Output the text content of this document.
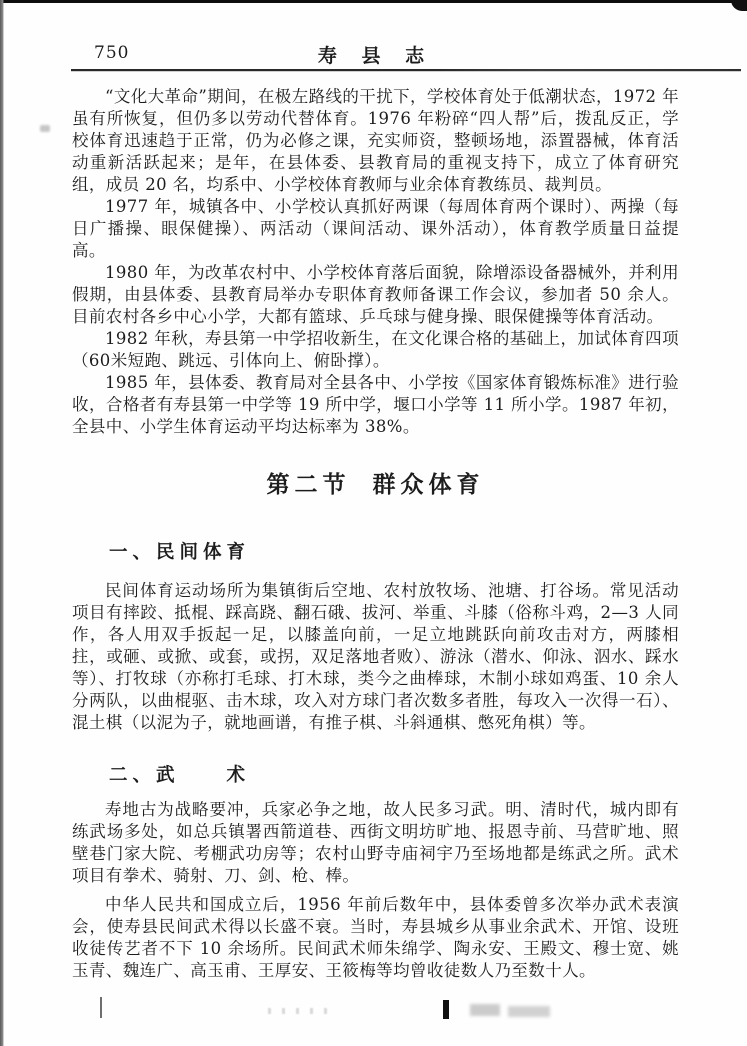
750	寿 县 志

“文化大革命”期间，在极左路线的干扰下，学校体育处于低潮状态，1972 年虽有所恢复，但仍多以劳动代替体育。1976 年粉碎“四人帮”后，拨乱反正，学校体育迅速趋于正常，仍为必修之课，充实师资，整顿场地，添置器械，体育活动重新活跃起来；是年，在县体委、县教育局的重视支持下，成立了体育研究组，成员 20 名，均系中、小学校体育教师与业余体育教练员、裁判员。

1977 年，城镇各中、小学校认真抓好两课（每周体育两个课时）、两操（每日广播操、眼保健操）、两活动（课间活动、课外活动），体育教学质量日益提高。

1980 年，为改革农村中、小学校体育落后面貌，除增添设备器械外，并利用假期，由县体委、县教育局举办专职体育教师备课工作会议，参加者 50 余人。目前农村各乡中心小学，大都有篮球、乒乓球与健身操、眼保健操等体育活动。

1982 年秋，寿县第一中学招收新生，在文化课合格的基础上，加试体育四项（60米短跑、跳远、引体向上、俯卧撑）。

1985 年，县体委、教育局对全县各中、小学按《国家体育锻炼标准》进行验收，合格者有寿县第一中学等 19 所中学，堰口小学等 11 所小学。1987 年初，全县中、小学生体育运动平均达标率为 38%。

第二节 群众体育
一、民间体育

民间体育运动场所为集镇街后空地、农村放牧场、池塘、打谷场。常见活动项目有摔跤、抵棍、踩高跷、翻石硪、拔河、举重、斗膝（俗称斗鸡，2—3 人同作，各人用双手扳起一足，以膝盖向前，一足立地跳跃向前攻击对方，两膝相拄，或砸、或掀、或套，或拐，双足落地者败）、游泳（潜水、仰泳、泅水、踩水等）、打牧球（亦称打毛球、打木球，类今之曲棒球，木制小球如鸡蛋、10 余人分两队，以曲棍驱、击木球，攻入对方球门者次数多者胜，每攻入一次得一石）、混土棋（以泥为子，就地画谱，有推子棋、斗斜通棋、憋死角棋）等。

二、武　　术

寿地古为战略要冲，兵家必争之地，故人民多习武。明、清时代，城内即有练武场多处，如总兵镇署西箭道巷、西街文明坊旷地、报恩寺前、马营旷地、照壁巷门家大院、考棚武功房等；农村山野寺庙祠宇乃至场地都是练武之所。武术项目有拳术、骑射、刀、剑、枪、棒。

中华人民共和国成立后，1956 年前后数年中，县体委曾多次举办武术表演会，使寿县民间武术得以长盛不衰。当时，寿县城乡从事业余武术、开馆、设班收徒传艺者不下 10 余场所。民间武术师朱绵学、陶永安、王殿文、穆士宽、姚玉青、魏连广、高玉甫、王厚安、王筱梅等均曾收徒数人乃至数十人。
